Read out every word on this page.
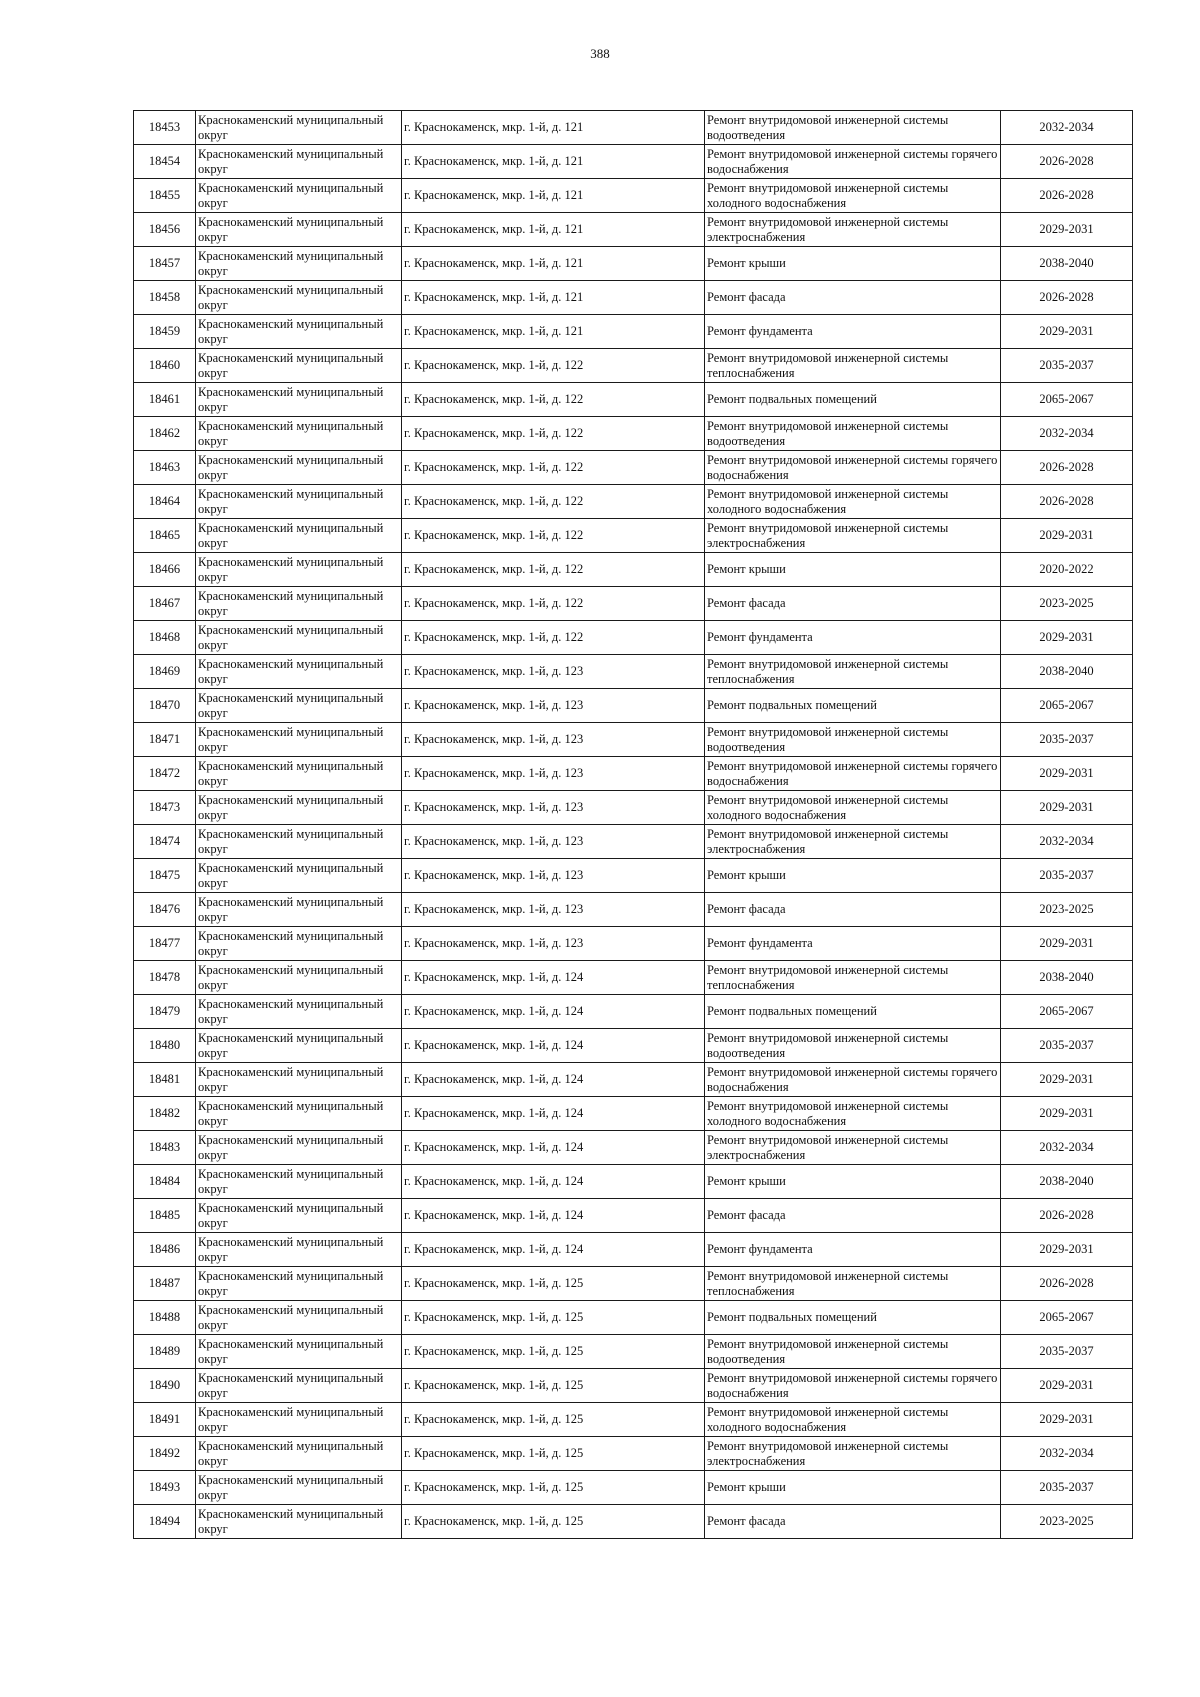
388
18453	Краснокаменский муниципальный округ	г. Краснокаменск, мкр. 1-й, д. 121	Ремонт внутридомовой инженерной системы водоотведения	2032-2034
18454	Краснокаменский муниципальный округ	г. Краснокаменск, мкр. 1-й, д. 121	Ремонт внутридомовой инженерной системы горячего водоснабжения	2026-2028
18455	Краснокаменский муниципальный округ	г. Краснокаменск, мкр. 1-й, д. 121	Ремонт внутридомовой инженерной системы холодного водоснабжения	2026-2028
18456	Краснокаменский муниципальный округ	г. Краснокаменск, мкр. 1-й, д. 121	Ремонт внутридомовой инженерной системы электроснабжения	2029-2031
18457	Краснокаменский муниципальный округ	г. Краснокаменск, мкр. 1-й, д. 121	Ремонт крыши	2038-2040
18458	Краснокаменский муниципальный округ	г. Краснокаменск, мкр. 1-й, д. 121	Ремонт фасада	2026-2028
18459	Краснокаменский муниципальный округ	г. Краснокаменск, мкр. 1-й, д. 121	Ремонт фундамента	2029-2031
18460	Краснокаменский муниципальный округ	г. Краснокаменск, мкр. 1-й, д. 122	Ремонт внутридомовой инженерной системы теплоснабжения	2035-2037
18461	Краснокаменский муниципальный округ	г. Краснокаменск, мкр. 1-й, д. 122	Ремонт подвальных помещений	2065-2067
18462	Краснокаменский муниципальный округ	г. Краснокаменск, мкр. 1-й, д. 122	Ремонт внутридомовой инженерной системы водоотведения	2032-2034
18463	Краснокаменский муниципальный округ	г. Краснокаменск, мкр. 1-й, д. 122	Ремонт внутридомовой инженерной системы горячего водоснабжения	2026-2028
18464	Краснокаменский муниципальный округ	г. Краснокаменск, мкр. 1-й, д. 122	Ремонт внутридомовой инженерной системы холодного водоснабжения	2026-2028
18465	Краснокаменский муниципальный округ	г. Краснокаменск, мкр. 1-й, д. 122	Ремонт внутридомовой инженерной системы электроснабжения	2029-2031
18466	Краснокаменский муниципальный округ	г. Краснокаменск, мкр. 1-й, д. 122	Ремонт крыши	2020-2022
18467	Краснокаменский муниципальный округ	г. Краснокаменск, мкр. 1-й, д. 122	Ремонт фасада	2023-2025
18468	Краснокаменский муниципальный округ	г. Краснокаменск, мкр. 1-й, д. 122	Ремонт фундамента	2029-2031
18469	Краснокаменский муниципальный округ	г. Краснокаменск, мкр. 1-й, д. 123	Ремонт внутридомовой инженерной системы теплоснабжения	2038-2040
18470	Краснокаменский муниципальный округ	г. Краснокаменск, мкр. 1-й, д. 123	Ремонт подвальных помещений	2065-2067
18471	Краснокаменский муниципальный округ	г. Краснокаменск, мкр. 1-й, д. 123	Ремонт внутридомовой инженерной системы водоотведения	2035-2037
18472	Краснокаменский муниципальный округ	г. Краснокаменск, мкр. 1-й, д. 123	Ремонт внутридомовой инженерной системы горячего водоснабжения	2029-2031
18473	Краснокаменский муниципальный округ	г. Краснокаменск, мкр. 1-й, д. 123	Ремонт внутридомовой инженерной системы холодного водоснабжения	2029-2031
18474	Краснокаменский муниципальный округ	г. Краснокаменск, мкр. 1-й, д. 123	Ремонт внутридомовой инженерной системы электроснабжения	2032-2034
18475	Краснокаменский муниципальный округ	г. Краснокаменск, мкр. 1-й, д. 123	Ремонт крыши	2035-2037
18476	Краснокаменский муниципальный округ	г. Краснокаменск, мкр. 1-й, д. 123	Ремонт фасада	2023-2025
18477	Краснокаменский муниципальный округ	г. Краснокаменск, мкр. 1-й, д. 123	Ремонт фундамента	2029-2031
18478	Краснокаменский муниципальный округ	г. Краснокаменск, мкр. 1-й, д. 124	Ремонт внутридомовой инженерной системы теплоснабжения	2038-2040
18479	Краснокаменский муниципальный округ	г. Краснокаменск, мкр. 1-й, д. 124	Ремонт подвальных помещений	2065-2067
18480	Краснокаменский муниципальный округ	г. Краснокаменск, мкр. 1-й, д. 124	Ремонт внутридомовой инженерной системы водоотведения	2035-2037
18481	Краснокаменский муниципальный округ	г. Краснокаменск, мкр. 1-й, д. 124	Ремонт внутридомовой инженерной системы горячего водоснабжения	2029-2031
18482	Краснокаменский муниципальный округ	г. Краснокаменск, мкр. 1-й, д. 124	Ремонт внутридомовой инженерной системы холодного водоснабжения	2029-2031
18483	Краснокаменский муниципальный округ	г. Краснокаменск, мкр. 1-й, д. 124	Ремонт внутридомовой инженерной системы электроснабжения	2032-2034
18484	Краснокаменский муниципальный округ	г. Краснокаменск, мкр. 1-й, д. 124	Ремонт крыши	2038-2040
18485	Краснокаменский муниципальный округ	г. Краснокаменск, мкр. 1-й, д. 124	Ремонт фасада	2026-2028
18486	Краснокаменский муниципальный округ	г. Краснокаменск, мкр. 1-й, д. 124	Ремонт фундамента	2029-2031
18487	Краснокаменский муниципальный округ	г. Краснокаменск, мкр. 1-й, д. 125	Ремонт внутридомовой инженерной системы теплоснабжения	2026-2028
18488	Краснокаменский муниципальный округ	г. Краснокаменск, мкр. 1-й, д. 125	Ремонт подвальных помещений	2065-2067
18489	Краснокаменский муниципальный округ	г. Краснокаменск, мкр. 1-й, д. 125	Ремонт внутридомовой инженерной системы водоотведения	2035-2037
18490	Краснокаменский муниципальный округ	г. Краснокаменск, мкр. 1-й, д. 125	Ремонт внутридомовой инженерной системы горячего водоснабжения	2029-2031
18491	Краснокаменский муниципальный округ	г. Краснокаменск, мкр. 1-й, д. 125	Ремонт внутридомовой инженерной системы холодного водоснабжения	2029-2031
18492	Краснокаменский муниципальный округ	г. Краснокаменск, мкр. 1-й, д. 125	Ремонт внутридомовой инженерной системы электроснабжения	2032-2034
18493	Краснокаменский муниципальный округ	г. Краснокаменск, мкр. 1-й, д. 125	Ремонт крыши	2035-2037
18494	Краснокаменский муниципальный округ	г. Краснокаменск, мкр. 1-й, д. 125	Ремонт фасада	2023-2025
